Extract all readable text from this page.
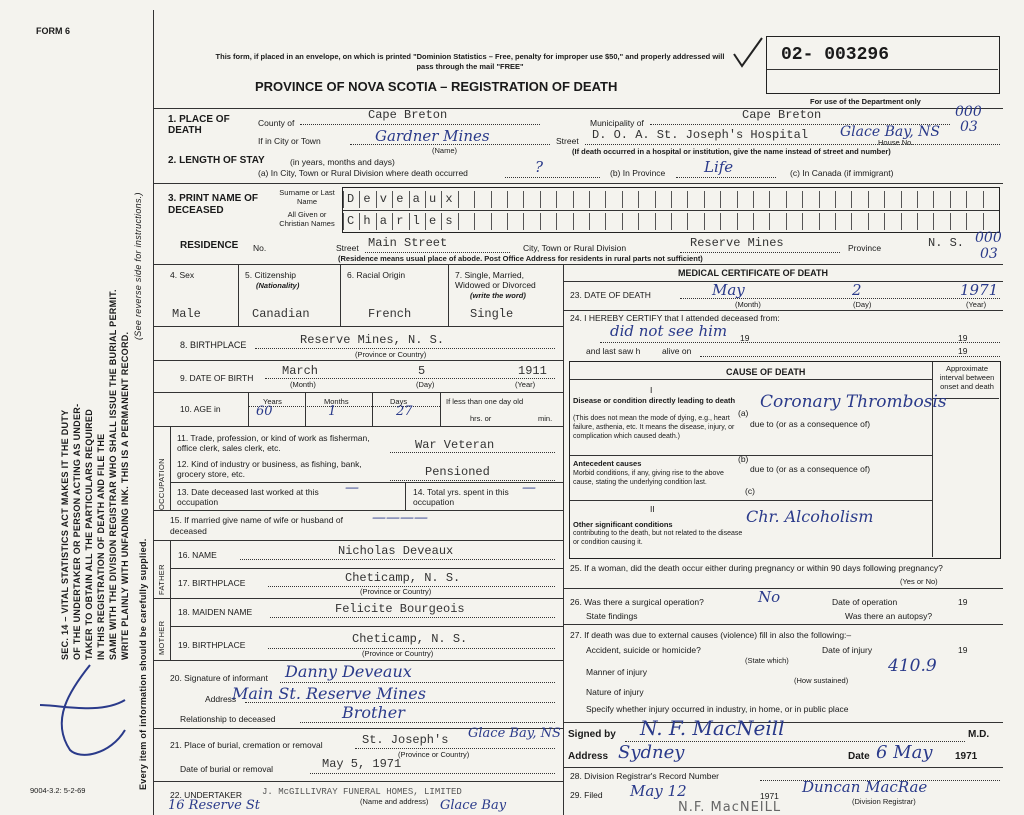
FORM 6
SEC. 14 – VITAL STATISTICS ACT MAKES IT THE DUTY OF THE UNDERTAKER OR PERSON ACTING AS UNDER- TAKER TO OBTAIN ALL THE PARTICULARS REQUIRED IN THIS REGISTRATION OF DEATH AND FILE THE SAME WITH THE DIVISION REGISTRAR WHO SHALL ISSUE THE BURIAL PERMIT. WRITE PLAINLY WITH UNFADING INK. THIS IS A PERMANENT RECORD.
(See reverse side for instructions.)
Every item of information should be carefully supplied.
9004-3.2: 5-2-69
This form, if placed in an envelope, on which is printed "Dominion Statistics – Free, penalty for improper use $50," and properly addressed will pass through the mail "FREE"
PROVINCE OF NOVA SCOTIA – REGISTRATION OF DEATH
02- 003296
For use of the Department only
1. PLACE OF DEATH
County of
Cape Breton
Municipality of
Cape Breton	000
03
If in City or Town	Gardner Mines
(Name)
Street D. O. A. St. Joseph's Hospital Glace Bay, NS
House No.
(If death occurred in a hospital or institution, give the name instead of street and number)
2. LENGTH OF STAY	(in years, months and days)
(a) In City, Town or Rural Division where death occurred	?	(b) In Province	Life	(c) In Canada (if immigrant)
3. PRINT NAME OF DECEASED
Surname or Last Name
All Given or Christian Names
D e v e a u x
C h a r l e s
RESIDENCE No.	Street Main Street	City, Town or Rural Division	Reserve Mines	Province	N. S. 000
03
(Residence means usual place of abode. Post Office Address for residents in rural parts not sufficient)
4. Sex	5. Citizenship
(Nationality)
6. Racial Origin	7. Single, Married, Widowed or Divorced
(write the word)
Male	Canadian	French	Single
8. BIRTHPLACE	Reserve Mines, N. S.
(Province or Country)
9. DATE OF BIRTH March	5	1911
(Month)	(Day)	(Year)
10. AGE in
Years	Months	Days
60	1	27
If less than one day old
hrs. or	min.
OCCUPATION
11. Trade, profession, or kind of work as fisherman, office clerk, sales clerk, etc.	War Veteran
12. Kind of industry or business, as fishing, bank, grocery store, etc.	Pensioned
13. Date deceased last worked at this occupation
—	14. Total yrs. spent in this occupation
—
15. If married give name of wife or husband of deceased
————
FATHER
16. NAME	Nicholas Deveaux
17. BIRTHPLACE	Cheticamp, N. S.
(Province or Country)
MOTHER
18. MAIDEN NAME	Felicite Bourgeois
19. BIRTHPLACE	Cheticamp, N. S.
(Province or Country)
20. Signature of informant Danny Deveaux
Address
Main St. Reserve Mines
Relationship to deceased	Brother
21. Place of burial, cremation or removal	St. Joseph's Glace Bay, NS
(Province or Country)
Date of burial or removal	May 5, 1971
22. UNDERTAKER J. McGILLIVRAY FUNERAL HOMES, LIMITED
(Name and address)
16 Reserve St	Glace Bay
MEDICAL CERTIFICATE OF DEATH
23. DATE OF DEATH	May	2	1971
(Month)	(Day)	(Year)
24. I HEREBY CERTIFY that I attended deceased from:
did not see him 19	19
and last saw h	alive on	19
CAUSE OF DEATH	Approximate interval between onset and death
I
Disease or condition directly leading to death
(This does not mean the mode of dying, e.g., heart failure, asthenia, etc. It means the disease, injury, or complication which caused death.)
(a)
Coronary Thrombosis
due to (or as a consequence of)
Antecedent causes
Morbid conditions, if any, giving rise to the above cause, stating the underlying condition last.
(b)
due to (or as a consequence of)
(c)
II
Other significant conditions
contributing to the death, but not related to the disease or condition causing it.
Chr. Alcoholism
25. If a woman, did the death occur either during pregnancy or within 90 days following pregnancy?
(Yes or No)
26. Was there a surgical operation?	No	Date of operation	19
State findings	Was there an autopsy?
27. If death was due to external causes (violence) fill in also the following:–
Accident, suicide or homicide?	Date of injury	19
(State which)
Manner of injury	410.9
(How sustained)
Nature of injury
Specify whether injury occurred in industry, in home, or in public place
Signed by N. F. MacNeill	M.D.
Address Sydney	Date 6 May 1971
28. Division Registrar's Record Number
29. Filed May 12	1971 Duncan MacRae
(Division Registrar)
N.F. MacNEILL
